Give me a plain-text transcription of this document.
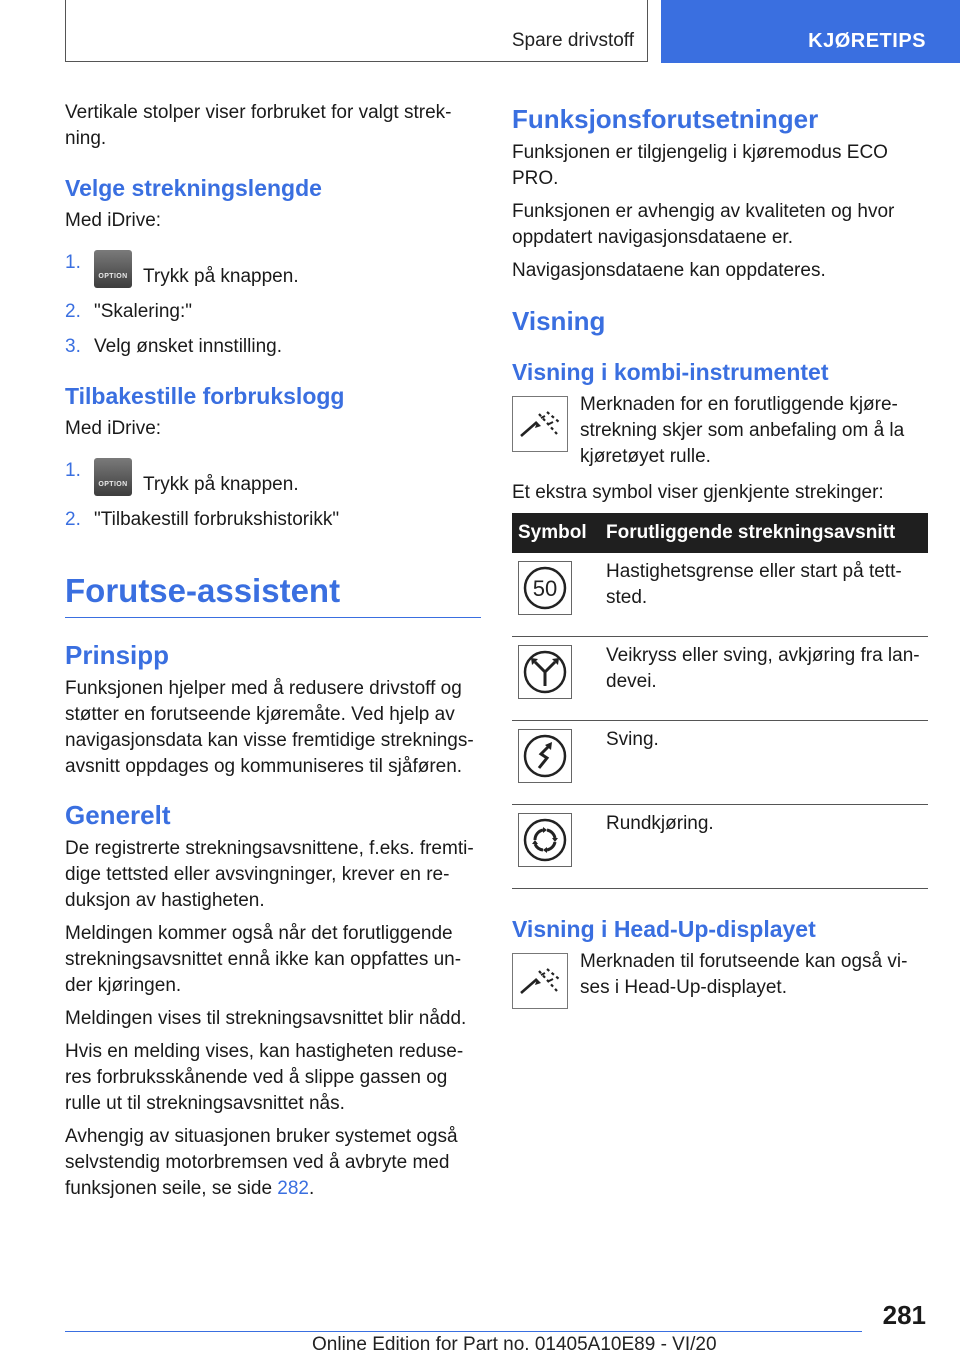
Spare drivstoff	KJØRETIPS

Vertikale stolper viser forbruket for valgt strek-ning.

Velge strekningslengde

Med iDrive:

1.
OPTION Trykk på knappen.
2. "Skalering:"
3. Velg ønsket innstilling.
Tilbakestille forbrukslogg

Med iDrive:

1.
OPTION Trykk på knappen.
2. "Tilbakestill forbrukshistorikk"
Forutse-assistent
Prinsipp

Funksjonen hjelper med å redusere drivstoff og støtter en forutseende kjøremåte. Ved hjelp av navigasjonsdata kan visse fremtidige streknings-avsnitt oppdages og kommuniseres til sjåføren.

Generelt

De registrerte strekningsavsnittene, f.eks. fremti-dige tettsted eller avsvingninger, krever en re-duksjon av hastigheten.

Meldingen kommer også når det forutliggende strekningsavsnittet ennå ikke kan oppfattes un-der kjøringen.

Meldingen vises til strekningsavsnittet blir nådd.

Hvis en melding vises, kan hastigheten reduse-res forbruksskånende ved å slippe gassen og rulle ut til strekningsavsnittet nås.

Avhengig av situasjonen bruker systemet også selvstendig motorbremsen ved å avbryte med funksjonen seile, se side 282.

Funksjonsforutsetninger

Funksjonen er tilgjengelig i kjøremodus ECO PRO.

Funksjonen er avhengig av kvaliteten og hvor oppdatert navigasjonsdataene er.

Navigasjonsdataene kan oppdateres.

Visning
Visning i kombi-instrumentet
Merknaden for en forutliggende kjøre-strekning skjer som anbefaling om å la kjøretøyet rulle.

Et ekstra symbol viser gjenkjente strekinger:

Symbol	Forutliggende strekningsavsnitt

50	Hastighetsgrense eller start på tett-sted.

	Veikryss eller sving, avkjøring fra lan-devei.

	Sving.

	Rundkjøring.
Visning i Head-Up-displayet
Merknaden til forutseende kan også vi-ses i Head-Up-displayet.
281
Online Edition for Part no. 01405A10E89 - VI/20
